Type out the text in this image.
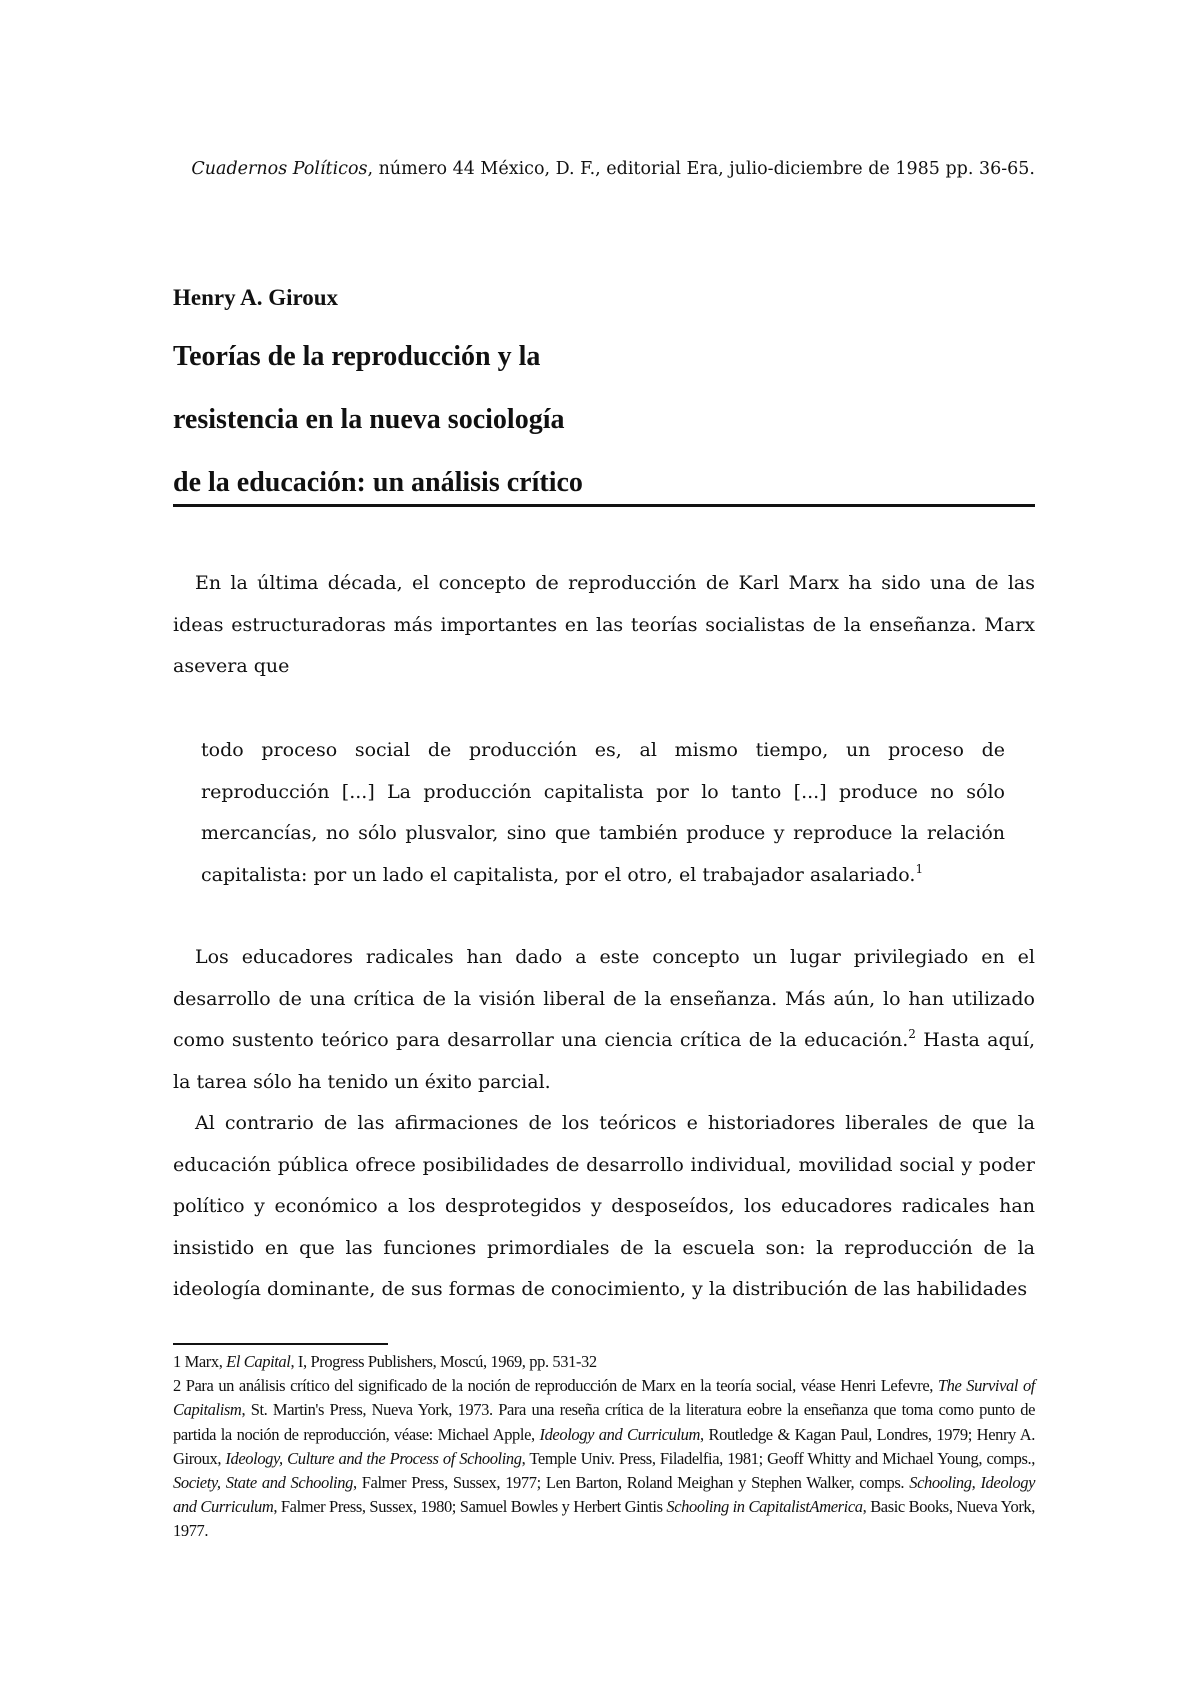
Cuadernos Políticos, número 44 México, D. F., editorial Era, julio-diciembre de 1985 pp. 36-65.
Henry A. Giroux
Teorías de la reproducción y la
resistencia en la nueva sociología
de la educación: un análisis crítico

En la última década, el concepto de reproducción de Karl Marx ha sido una de las ideas estructuradoras más importantes en las teorías socialistas de la enseñanza. Marx asevera que

todo proceso social de producción es, al mismo tiempo, un proceso de reproducción [...] La producción capitalista por lo tanto [...] produce no sólo mercancías, no sólo plusvalor, sino que también produce y reproduce la relación capitalista: por un lado el capitalista, por el otro, el trabajador asalariado.$^1$

Los educadores radicales han dado a este concepto un lugar privilegiado en el desarrollo de una crítica de la visión liberal de la enseñanza. Más aún, lo han utilizado como sustento teórico para desarrollar una ciencia crítica de la educación.$^2$ Hasta aquí, la tarea sólo ha tenido un éxito parcial.

Al contrario de las afirmaciones de los teóricos e historiadores liberales de que la educación pública ofrece posibilidades de desarrollo individual, movilidad social y poder político y económico a los desprotegidos y desposeídos, los educadores radicales han insistido en que las funciones primordiales de la escuela son: la reproducción de la ideología dominante, de sus formas de conocimiento, y la distribución de las habilidades

1 Marx, El Capital, I, Progress Publishers, Moscú, 1969, pp. 531-32

2 Para un análisis crítico del significado de la noción de reproducción de Marx en la teoría social, véase Henri Lefevre, The Survival of Capitalism, St. Martin's Press, Nueva York, 1973. Para una reseña crítica de la literatura eobre la enseñanza que toma como punto de partida la noción de reproducción, véase: Michael Apple, Ideology and Curriculum, Routledge & Kagan Paul, Londres, 1979; Henry A. Giroux, Ideology, Culture and the Process of Schooling, Temple Univ. Press, Filadelfia, 1981; Geoff Whitty and Michael Young, comps., Society, State and Schooling, Falmer Press, Sussex, 1977; Len Barton, Roland Meighan y Stephen Walker, comps. Schooling, Ideology and Curriculum, Falmer Press, Sussex, 1980; Samuel Bowles y Herbert Gintis Schooling in CapitalistAmerica, Basic Books, Nueva York, 1977.
